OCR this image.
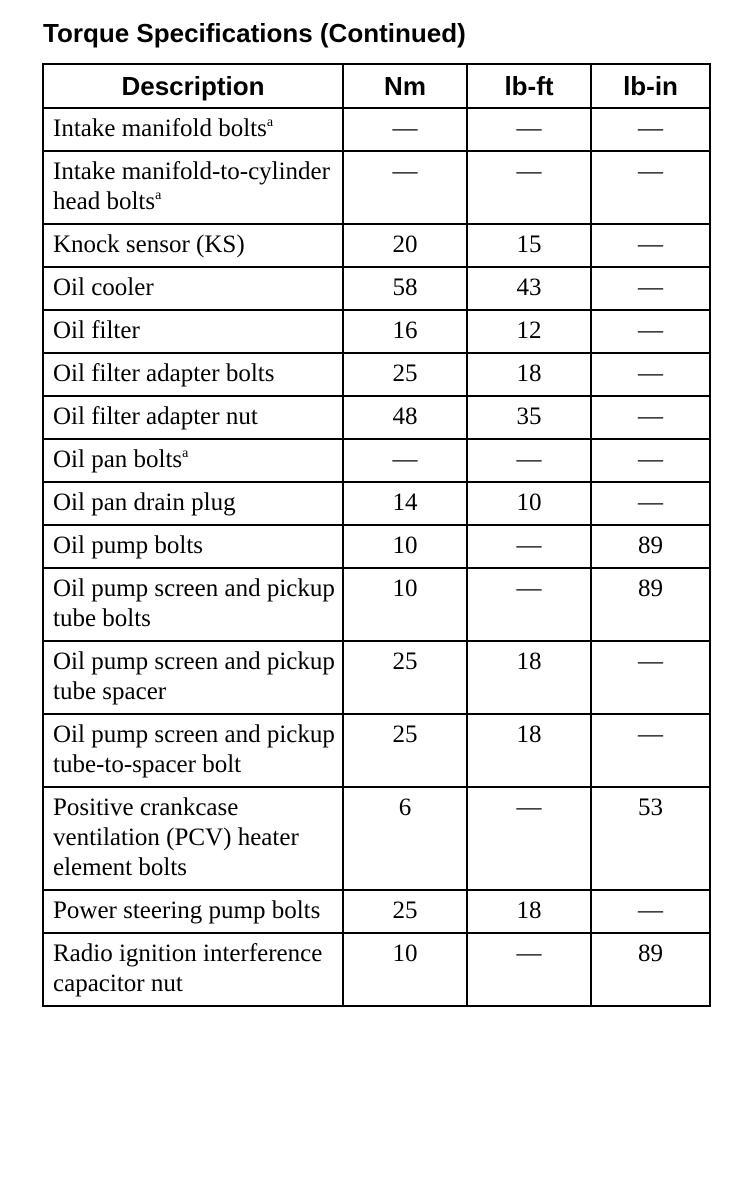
Torque Specifications (Continued)
Description	Nm	lb-ft	lb-in
Intake manifold bolts$^a$	—	—	—
Intake manifold-to-cylinder head bolts$^a$	—	—	—
Knock sensor (KS)	20	15	—
Oil cooler	58	43	—
Oil filter	16	12	—
Oil filter adapter bolts	25	18	—
Oil filter adapter nut	48	35	—
Oil pan bolts$^a$	—	—	—
Oil pan drain plug	14	10	—
Oil pump bolts	10	—	89
Oil pump screen and pickup tube bolts	10	—	89
Oil pump screen and pickup tube spacer	25	18	—
Oil pump screen and pickup tube-to-spacer bolt	25	18	—
Positive crankcase ventilation (PCV) heater element bolts	6	—	53
Power steering pump bolts	25	18	—
Radio ignition interference capacitor nut	10	—	89
